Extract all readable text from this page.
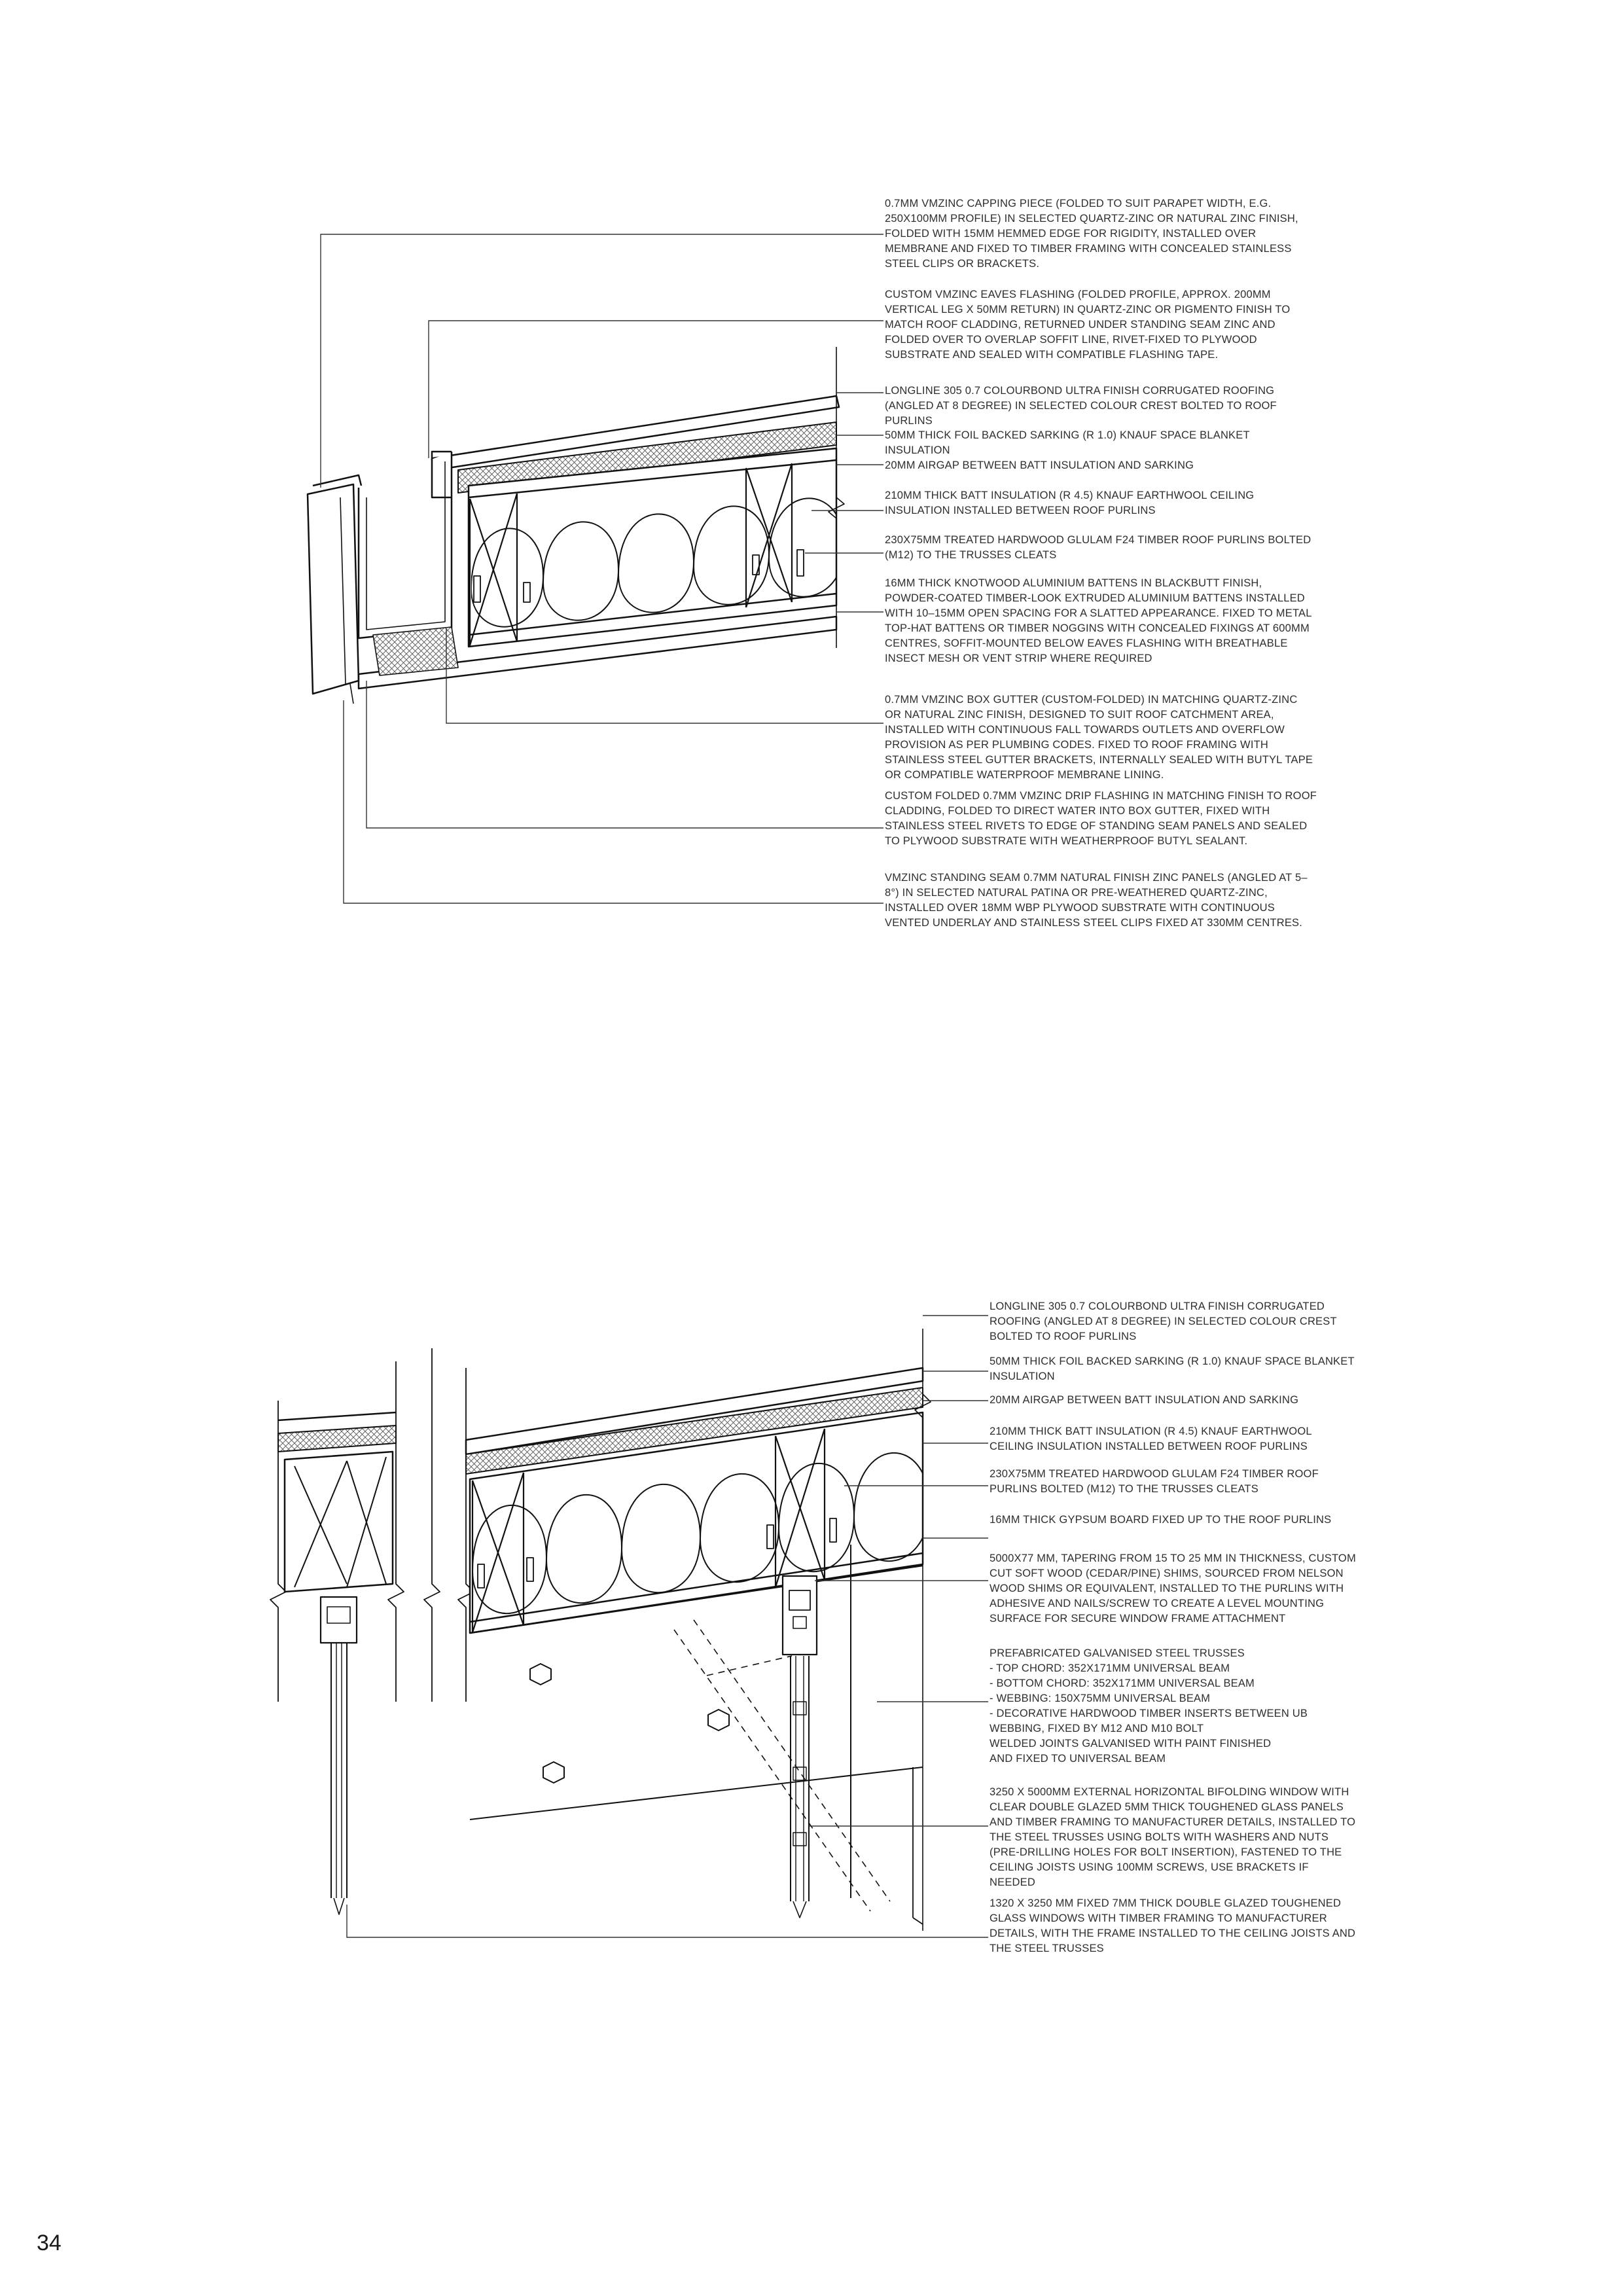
0.7MM VMZINC CAPPING PIECE (FOLDED TO SUIT PARAPET WIDTH, E.G. 250X100MM PROFILE) IN SELECTED QUARTZ-ZINC OR NATURAL ZINC FINISH, FOLDED WITH 15MM HEMMED EDGE FOR RIGIDITY, INSTALLED OVER MEMBRANE AND FIXED TO TIMBER FRAMING WITH CONCEALED STAINLESS STEEL CLIPS OR BRACKETS.

CUSTOM VMZINC EAVES FLASHING (FOLDED PROFILE, APPROX. 200MM VERTICAL LEG X 50MM RETURN) IN QUARTZ-ZINC OR PIGMENTO FINISH TO MATCH ROOF CLADDING, RETURNED UNDER STANDING SEAM ZINC AND FOLDED OVER TO OVERLAP SOFFIT LINE, RIVET-FIXED TO PLYWOOD SUBSTRATE AND SEALED WITH COMPATIBLE FLASHING TAPE.

LONGLINE 305 0.7 COLOURBOND ULTRA FINISH CORRUGATED ROOFING (ANGLED AT 8 DEGREE) IN SELECTED COLOUR CREST BOLTED TO ROOF PURLINS

50MM THICK FOIL BACKED SARKING (R 1.0) KNAUF SPACE BLANKET INSULATION

20MM AIRGAP BETWEEN BATT INSULATION AND SARKING

210MM THICK BATT INSULATION (R 4.5) KNAUF EARTHWOOL CEILING INSULATION INSTALLED BETWEEN ROOF PURLINS

230X75MM TREATED HARDWOOD GLULAM F24 TIMBER ROOF PURLINS BOLTED (M12) TO THE TRUSSES CLEATS

16MM THICK KNOTWOOD ALUMINIUM BATTENS IN BLACKBUTT FINISH, POWDER-COATED TIMBER-LOOK EXTRUDED ALUMINIUM BATTENS INSTALLED WITH 10–15MM OPEN SPACING FOR A SLATTED APPEARANCE. FIXED TO METAL TOP-HAT BATTENS OR TIMBER NOGGINS WITH CONCEALED FIXINGS AT 600MM CENTRES, SOFFIT-MOUNTED BELOW EAVES FLASHING WITH BREATHABLE INSECT MESH OR VENT STRIP WHERE REQUIRED

0.7MM VMZINC BOX GUTTER (CUSTOM-FOLDED) IN MATCHING QUARTZ-ZINC OR NATURAL ZINC FINISH, DESIGNED TO SUIT ROOF CATCHMENT AREA, INSTALLED WITH CONTINUOUS FALL TOWARDS OUTLETS AND OVERFLOW PROVISION AS PER PLUMBING CODES. FIXED TO ROOF FRAMING WITH STAINLESS STEEL GUTTER BRACKETS, INTERNALLY SEALED WITH BUTYL TAPE OR COMPATIBLE WATERPROOF MEMBRANE LINING.

CUSTOM FOLDED 0.7MM VMZINC DRIP FLASHING IN MATCHING FINISH TO ROOF CLADDING, FOLDED TO DIRECT WATER INTO BOX GUTTER, FIXED WITH STAINLESS STEEL RIVETS TO EDGE OF STANDING SEAM PANELS AND SEALED TO PLYWOOD SUBSTRATE WITH WEATHERPROOF BUTYL SEALANT.

VMZINC STANDING SEAM 0.7MM NATURAL FINISH ZINC PANELS (ANGLED AT 5–8°) IN SELECTED NATURAL PATINA OR PRE-WEATHERED QUARTZ-ZINC, INSTALLED OVER 18MM WBP PLYWOOD SUBSTRATE WITH CONTINUOUS VENTED UNDERLAY AND STAINLESS STEEL CLIPS FIXED AT 330MM CENTRES.

LONGLINE 305 0.7 COLOURBOND ULTRA FINISH CORRUGATED ROOFING (ANGLED AT 8 DEGREE) IN SELECTED COLOUR CREST BOLTED TO ROOF PURLINS

50MM THICK FOIL BACKED SARKING (R 1.0) KNAUF SPACE BLANKET INSULATION

20MM AIRGAP BETWEEN BATT INSULATION AND SARKING

210MM THICK BATT INSULATION (R 4.5) KNAUF EARTHWOOL CEILING INSULATION INSTALLED BETWEEN ROOF PURLINS

230X75MM TREATED HARDWOOD GLULAM F24 TIMBER ROOF PURLINS BOLTED (M12) TO THE TRUSSES CLEATS

16MM THICK GYPSUM BOARD FIXED UP TO THE ROOF PURLINS

5000X77 MM, TAPERING FROM 15 TO 25 MM IN THICKNESS, CUSTOM CUT SOFT WOOD (CEDAR/PINE) SHIMS, SOURCED FROM NELSON WOOD SHIMS OR EQUIVALENT, INSTALLED TO THE PURLINS WITH ADHESIVE AND NAILS/SCREW TO CREATE A LEVEL MOUNTING SURFACE FOR SECURE WINDOW FRAME ATTACHMENT

PREFABRICATED GALVANISED STEEL TRUSSES
- TOP CHORD: 352X171MM UNIVERSAL BEAM
- BOTTOM CHORD: 352X171MM UNIVERSAL BEAM
- WEBBING: 150X75MM UNIVERSAL BEAM
- DECORATIVE HARDWOOD TIMBER INSERTS BETWEEN UB
WEBBING, FIXED BY M12 AND M10 BOLT
WELDED JOINTS GALVANISED WITH PAINT FINISHED
AND FIXED TO UNIVERSAL BEAM

3250 X 5000MM EXTERNAL HORIZONTAL BIFOLDING WINDOW WITH CLEAR DOUBLE GLAZED 5MM THICK TOUGHENED GLASS PANELS AND TIMBER FRAMING TO MANUFACTURER DETAILS, INSTALLED TO THE STEEL TRUSSES USING BOLTS WITH WASHERS AND NUTS (PRE-DRILLING HOLES FOR BOLT INSERTION), FASTENED TO THE CEILING JOISTS USING 100MM SCREWS, USE BRACKETS IF NEEDED

1320 X 3250 MM FIXED 7MM THICK DOUBLE GLAZED TOUGHENED GLASS WINDOWS WITH TIMBER FRAMING TO MANUFACTURER DETAILS, WITH THE FRAME INSTALLED TO THE CEILING JOISTS AND THE STEEL TRUSSES

34
